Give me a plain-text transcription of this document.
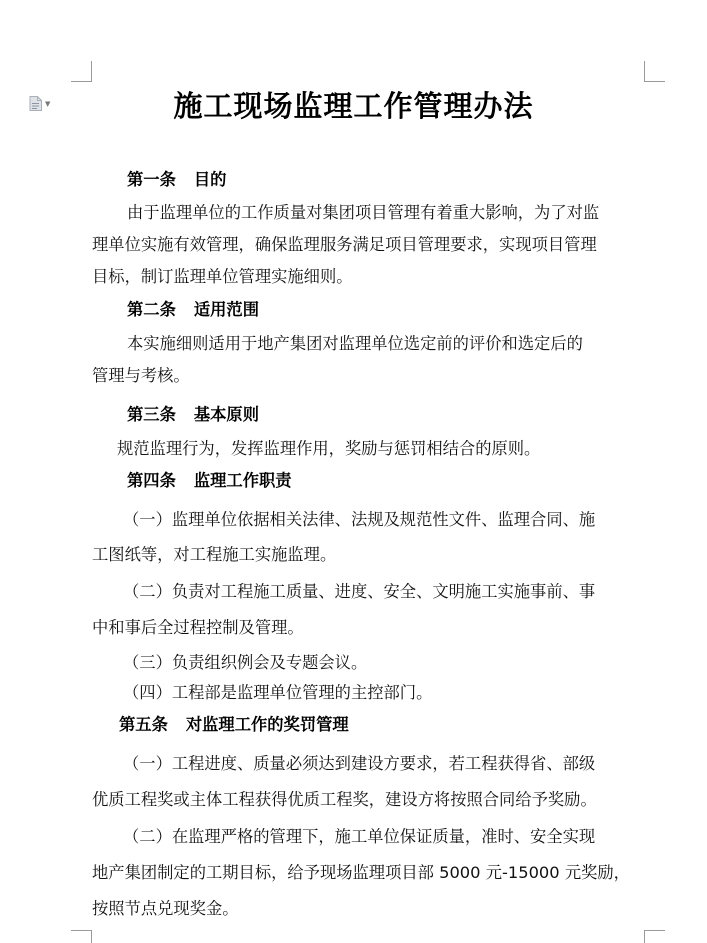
▼	施工现场监理工作管理办法
第一条 目的
由于监理单位的工作质量对集团项目管理有着重大影响，为了对监
理单位实施有效管理，确保监理服务满足项目管理要求，实现项目管理
目标，制订监理单位管理实施细则。
第二条 适用范围
本实施细则适用于地产集团对监理单位选定前的评价和选定后的
管理与考核。
第三条 基本原则
规范监理行为，发挥监理作用，奖励与惩罚相结合的原则。
第四条 监理工作职责
（一）监理单位依据相关法律、法规及规范性文件、监理合同、施
工图纸等，对工程施工实施监理。
（二）负责对工程施工质量、进度、安全、文明施工实施事前、事
中和事后全过程控制及管理。
（三）负责组织例会及专题会议。
（四）工程部是监理单位管理的主控部门。
第五条 对监理工作的奖罚管理
（一）工程进度、质量必须达到建设方要求，若工程获得省、部级
优质工程奖或主体工程获得优质工程奖，建设方将按照合同给予奖励。
（二）在监理严格的管理下，施工单位保证质量，准时、安全实现
地产集团制定的工期目标，给予现场监理项目部 5000 元-15000 元奖励，
按照节点兑现奖金。
